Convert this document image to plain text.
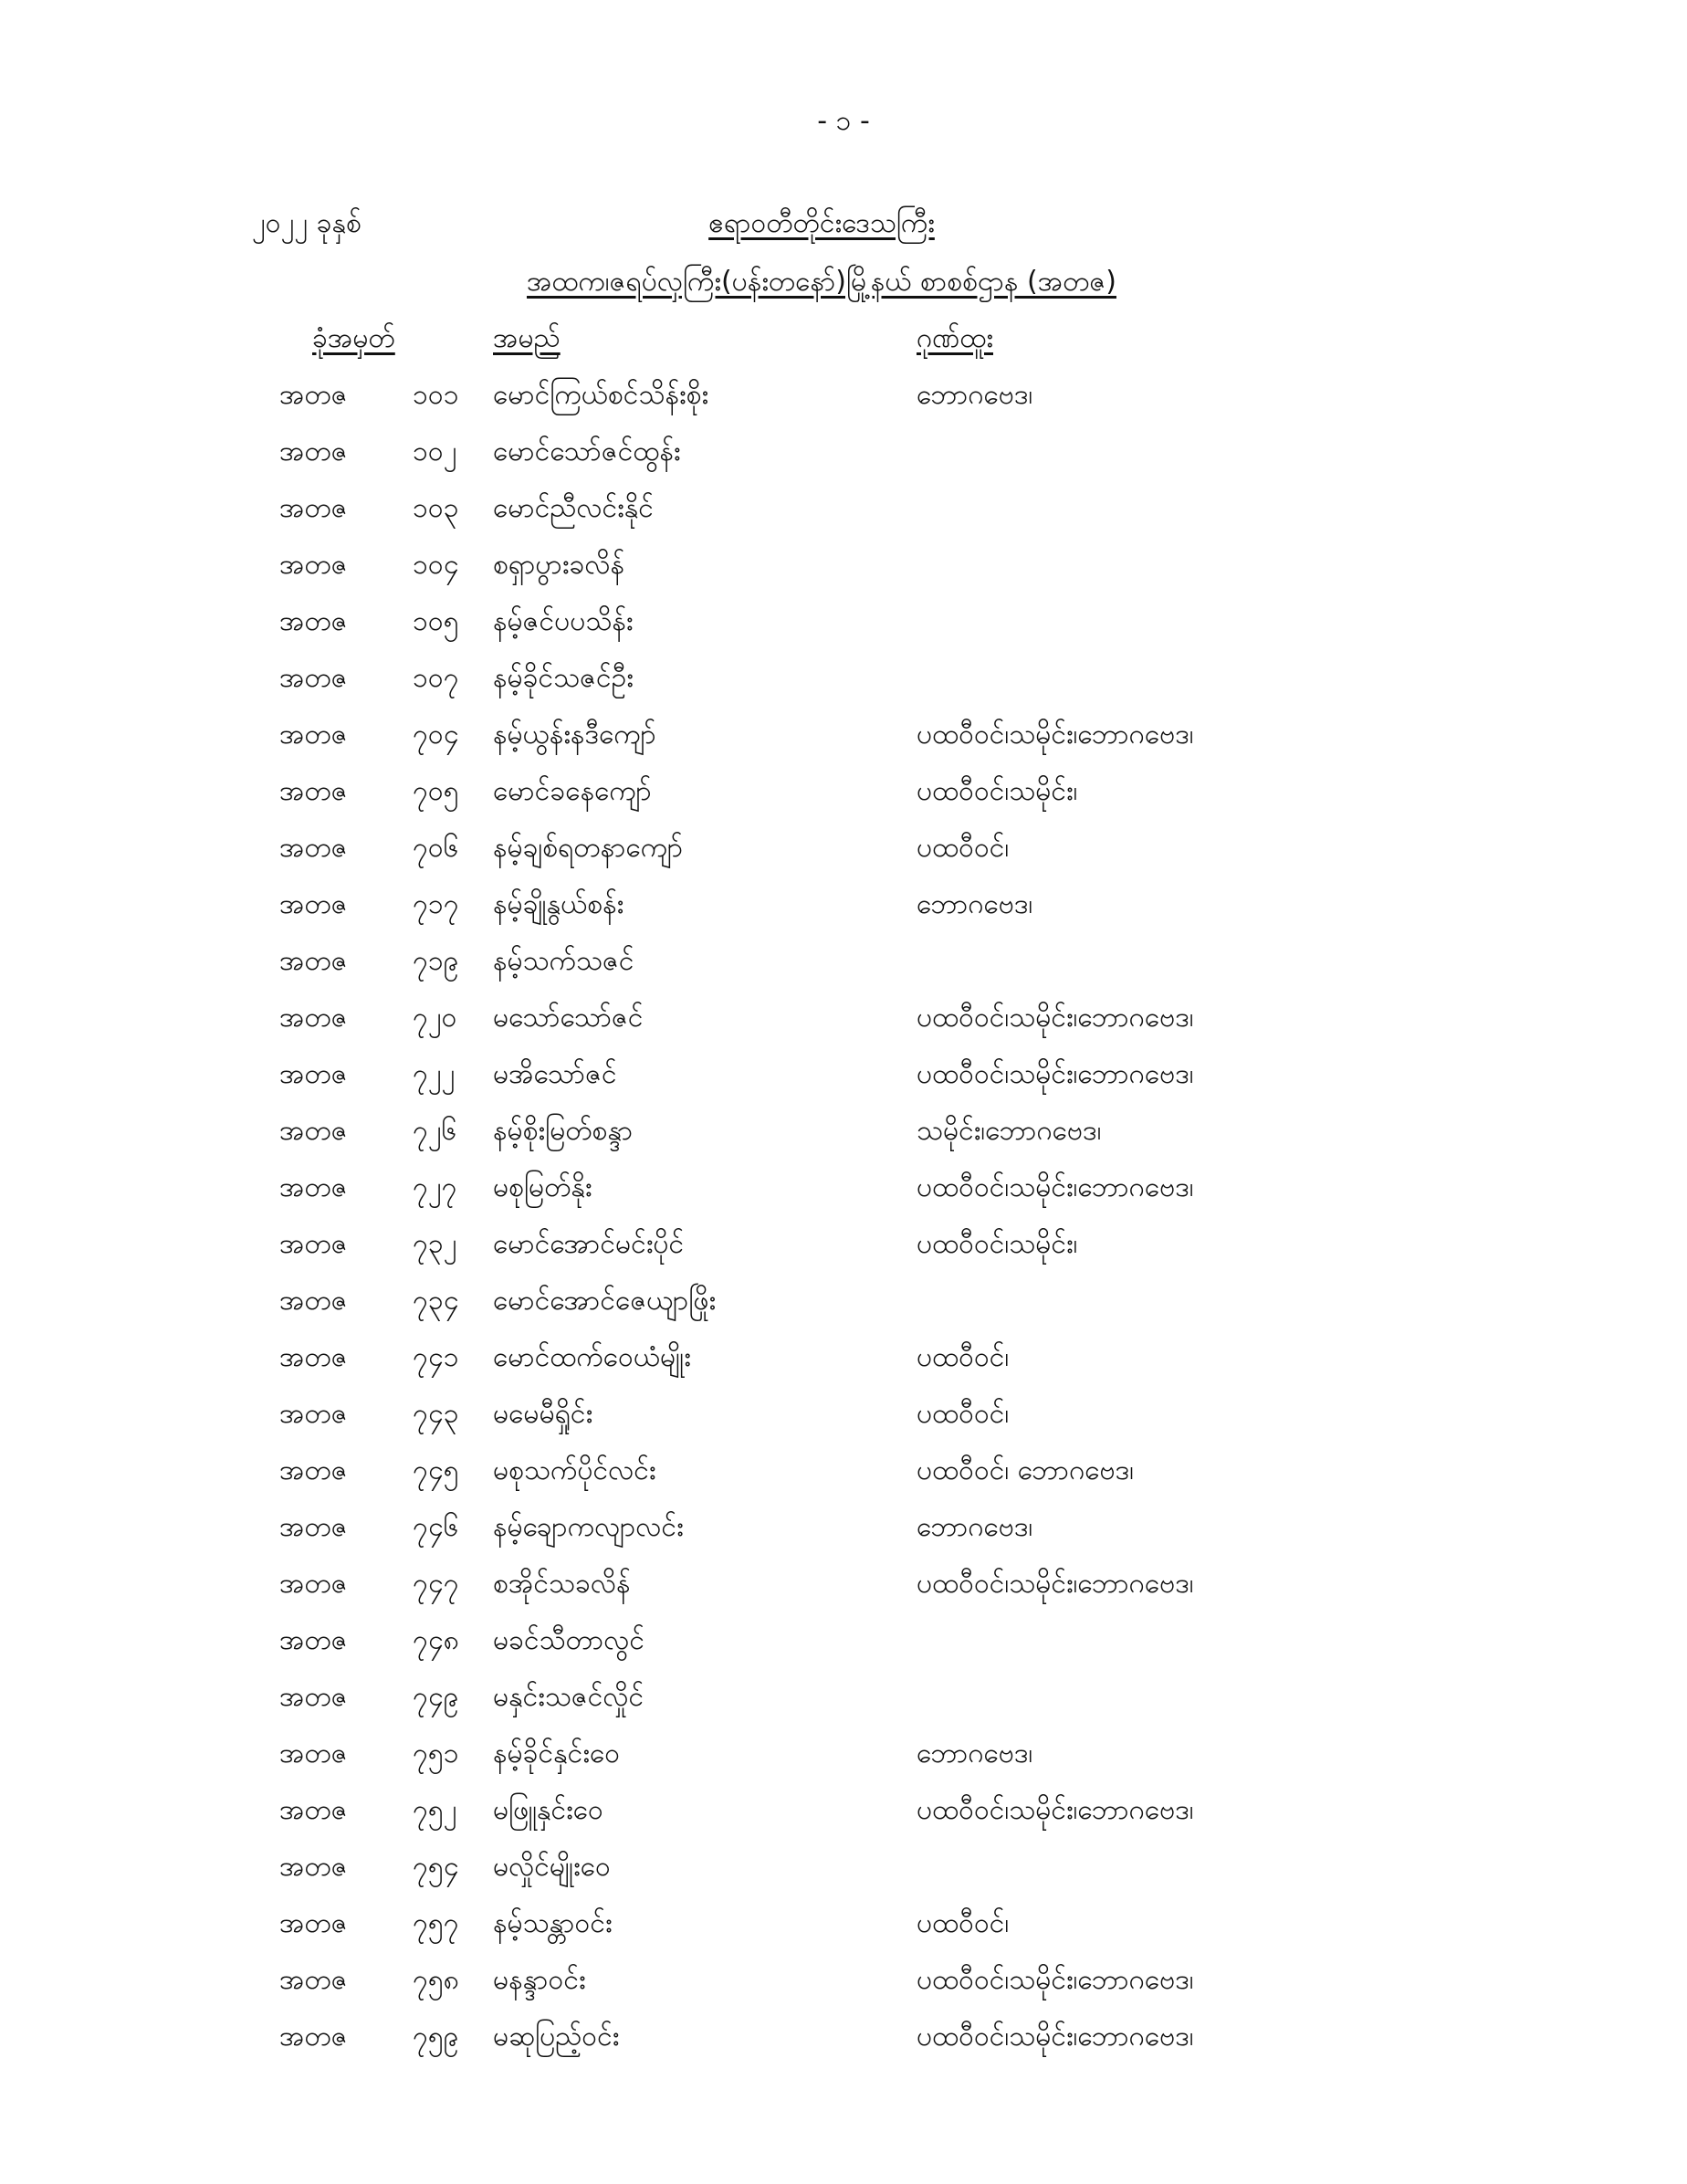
- ၁ -
၂၀၂၂ ခုနှစ်	ဧရာဝတီတိုင်းဒေသကြီး
အထက၊ဇရပ်လှကြီး(ပန်းတနော်)မြို့နယ် စာစစ်ဌာန (အတဇ)
ခုံအမှတ်	အမည်	ဂုဏ်ထူး
အတဇ ၁၀၁ မောင်ကြယ်စင်သိန်းစိုး	ဘောဂဗေဒ၊
အတဇ ၁၀၂ မောင်သော်ဇင်ထွန်း
အတဇ ၁၀၃ မောင်ညီလင်းနိုင်
အတဇ ၁၀၄ စရှာပွားခလိန်
အတဇ ၁၀၅ နမ့်ဇင်ပပသိန်း
အတဇ ၁၀၇ နမ့်ခိုင်သဇင်ဦး
အတဇ ၇၀၄ နမ့်ယွန်းနဒီကျော်	ပထဝီဝင်၊သမိုင်း၊ဘောဂဗေဒ၊
အတဇ ၇၀၅ မောင်ခနေကျော်	ပထဝီဝင်၊သမိုင်း၊
အတဇ ၇၀၆ နမ့်ချစ်ရတနာကျော်	ပထဝီဝင်၊
အတဇ ၇၁၇ နမ့်ချိုနွယ်စန်း	ဘောဂဗေဒ၊
အတဇ ၇၁၉ နမ့်သက်သဇင်
အတဇ ၇၂၀ မသော်သော်ဇင်	ပထဝီဝင်၊သမိုင်း၊ဘောဂဗေဒ၊
အတဇ ၇၂၂ မအိသော်ဇင်	ပထဝီဝင်၊သမိုင်း၊ဘောဂဗေဒ၊
အတဇ ၇၂၆ နမ့်စိုးမြတ်စန္ဒာ	သမိုင်း၊ဘောဂဗေဒ၊
အတဇ ၇၂၇ မစုမြတ်နိုး	ပထဝီဝင်၊သမိုင်း၊ဘောဂဗေဒ၊
အတဇ ၇၃၂ မောင်အောင်မင်းပိုင်	ပထဝီဝင်၊သမိုင်း၊
အတဇ ၇၃၄ မောင်အောင်ဇေယျာဖြိုး
အတဇ ၇၄၁ မောင်ထက်ဝေယံမျိုး	ပထဝီဝင်၊
အတဇ ၇၄၃ မမေမီရှိုင်း	ပထဝီဝင်၊
အတဇ ၇၄၅ မစုသက်ပိုင်လင်း	ပထဝီဝင်၊ ဘောဂဗေဒ၊
အတဇ ၇၄၆ နမ့်ချောကလျာလင်း	ဘောဂဗေဒ၊
အတဇ ၇၄၇ စအိုင်သခလိန်	ပထဝီဝင်၊သမိုင်း၊ဘောဂဗေဒ၊
အတဇ ၇၄၈ မခင်သီတာလွင်
အတဇ ၇၄၉ မနှင်းသဇင်လှိုင်
အတဇ ၇၅၁ နမ့်ခိုင်နှင်းဝေ	ဘောဂဗေဒ၊
အတဇ ၇၅၂ မဖြူနှင်းဝေ	ပထဝီဝင်၊သမိုင်း၊ဘောဂဗေဒ၊
အတဇ ၇၅၄ မလှိုင်မျိုးဝေ
အတဇ ၇၅၇ နမ့်သန္တာဝင်း	ပထဝီဝင်၊
အတဇ ၇၅၈ မနန္ဒာဝင်း	ပထဝီဝင်၊သမိုင်း၊ဘောဂဗေဒ၊
အတဇ ၇၅၉ မဆုပြည့်ဝင်း	ပထဝီဝင်၊သမိုင်း၊ဘောဂဗေဒ၊
